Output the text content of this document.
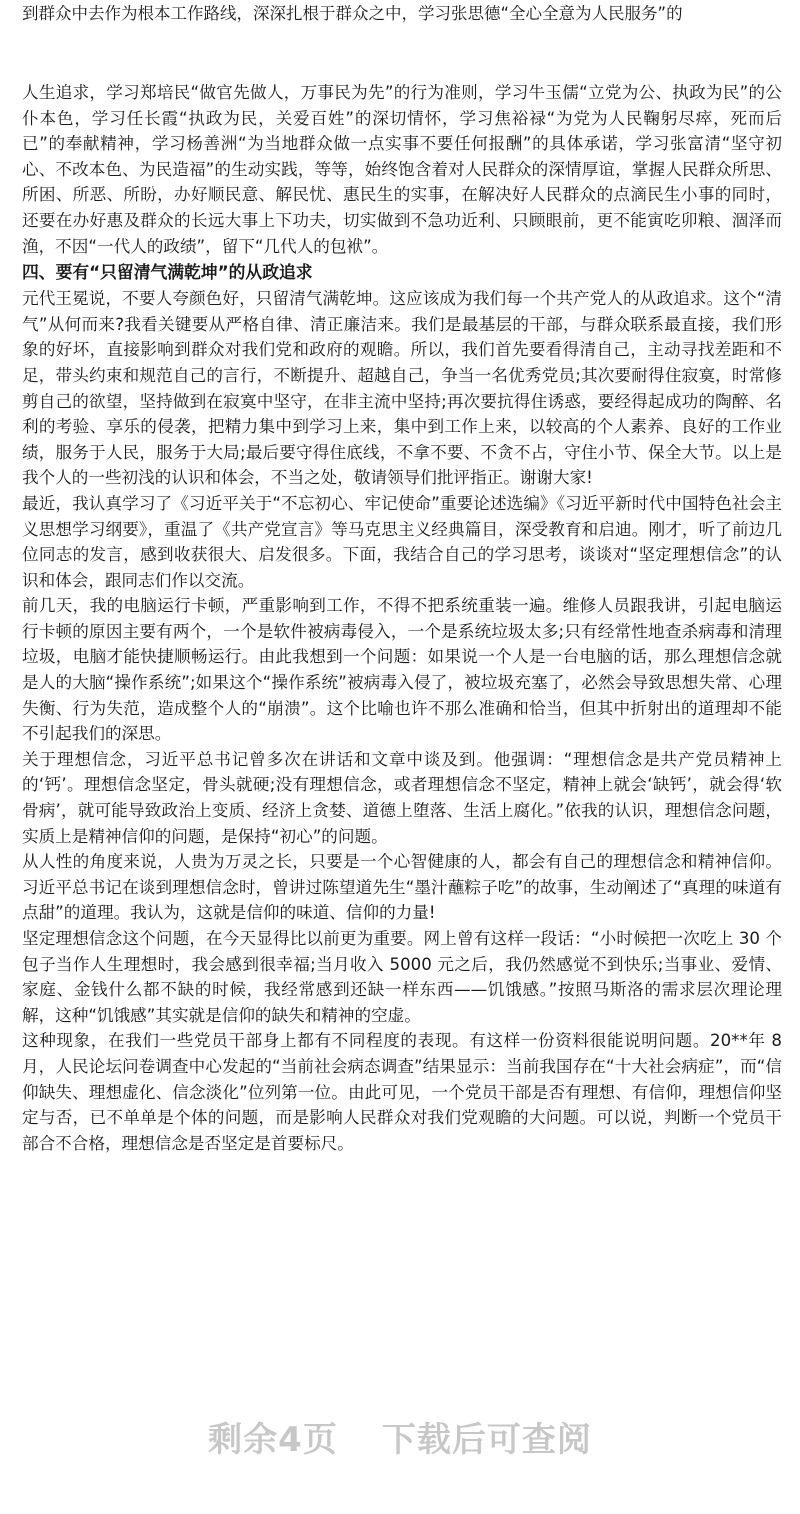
到群众中去作为根本工作路线，深深扎根于群众之中，学习张思德“全心全意为人民服务”的

人生追求，学习郑培民“做官先做人，万事民为先”的行为准则，学习牛玉儒“立党为公、执政为民”的公仆本色，学习任长霞“执政为民，关爱百姓”的深切情怀，学习焦裕禄“为党为人民鞠躬尽瘁，死而后已”的奉献精神，学习杨善洲“为当地群众做一点实事不要任何报酬”的具体承诺，学习张富清“坚守初心、不改本色、为民造福”的生动实践，等等，始终饱含着对人民群众的深情厚谊，掌握人民群众所思、所困、所恶、所盼，办好顺民意、解民忧、惠民生的实事，在解决好人民群众的点滴民生小事的同时，还要在办好惠及群众的长远大事上下功夫，切实做到不急功近利、只顾眼前，更不能寅吃卯粮、涸泽而渔，不因“一代人的政绩”，留下“几代人的包袱”。

四、要有“只留清气满乾坤”的从政追求

元代王冕说，不要人夸颜色好，只留清气满乾坤。这应该成为我们每一个共产党人的从政追求。这个“清气”从何而来?我看关键要从严格自律、清正廉洁来。我们是最基层的干部，与群众联系最直接，我们形象的好坏，直接影响到群众对我们党和政府的观瞻。所以，我们首先要看得清自己，主动寻找差距和不足，带头约束和规范自己的言行，不断提升、超越自己，争当一名优秀党员;其次要耐得住寂寞，时常修剪自己的欲望，坚持做到在寂寞中坚守，在非主流中坚持;再次要抗得住诱惑，要经得起成功的陶醉、名利的考验、享乐的侵袭，把精力集中到学习上来，集中到工作上来，以较高的个人素养、良好的工作业绩，服务于人民，服务于大局;最后要守得住底线，不拿不要、不贪不占，守住小节、保全大节。以上是我个人的一些初浅的认识和体会，不当之处，敬请领导们批评指正。谢谢大家!

最近，我认真学习了《习近平关于“不忘初心、牢记使命”重要论述选编》《习近平新时代中国特色社会主义思想学习纲要》，重温了《共产党宣言》等马克思主义经典篇目，深受教育和启迪。刚才，听了前边几位同志的发言，感到收获很大、启发很多。下面，我结合自己的学习思考，谈谈对“坚定理想信念”的认识和体会，跟同志们作以交流。

前几天，我的电脑运行卡顿，严重影响到工作，不得不把系统重装一遍。维修人员跟我讲，引起电脑运行卡顿的原因主要有两个，一个是软件被病毒侵入，一个是系统垃圾太多;只有经常性地查杀病毒和清理垃圾，电脑才能快捷顺畅运行。由此我想到一个问题：如果说一个人是一台电脑的话，那么理想信念就是人的大脑“操作系统”;如果这个“操作系统”被病毒入侵了，被垃圾充塞了，必然会导致思想失常、心理失衡、行为失范，造成整个人的“崩溃”。这个比喻也许不那么准确和恰当，但其中折射出的道理却不能不引起我们的深思。

关于理想信念，习近平总书记曾多次在讲话和文章中谈及到。他强调：“理想信念是共产党员精神上的‘钙’。理想信念坚定，骨头就硬;没有理想信念，或者理想信念不坚定，精神上就会‘缺钙’，就会得‘软骨病’，就可能导致政治上变质、经济上贪婪、道德上堕落、生活上腐化。”依我的认识，理想信念问题，实质上是精神信仰的问题，是保持“初心”的问题。

从人性的角度来说，人贵为万灵之长，只要是一个心智健康的人，都会有自己的理想信念和精神信仰。习近平总书记在谈到理想信念时，曾讲过陈望道先生“墨汁蘸粽子吃”的故事，生动阐述了“真理的味道有点甜”的道理。我认为，这就是信仰的味道、信仰的力量!

坚定理想信念这个问题，在今天显得比以前更为重要。网上曾有这样一段话：“小时候把一次吃上 30 个包子当作人生理想时，我会感到很幸福;当月收入 5000 元之后，我仍然感觉不到快乐;当事业、爱情、家庭、金钱什么都不缺的时候，我经常感到还缺一样东西——饥饿感。”按照马斯洛的需求层次理论理解，这种“饥饿感”其实就是信仰的缺失和精神的空虚。

这种现象，在我们一些党员干部身上都有不同程度的表现。有这样一份资料很能说明问题。20**年 8 月，人民论坛问卷调查中心发起的“当前社会病态调查”结果显示：当前我国存在“十大社会病症”，而“信仰缺失、理想虚化、信念淡化”位列第一位。由此可见，一个党员干部是否有理想、有信仰，理想信仰坚定与否，已不单单是个体的问题，而是影响人民群众对我们党观瞻的大问题。可以说，判断一个党员干部合不合格，理想信念是否坚定是首要标尺。

剩余4页 下载后可查阅
